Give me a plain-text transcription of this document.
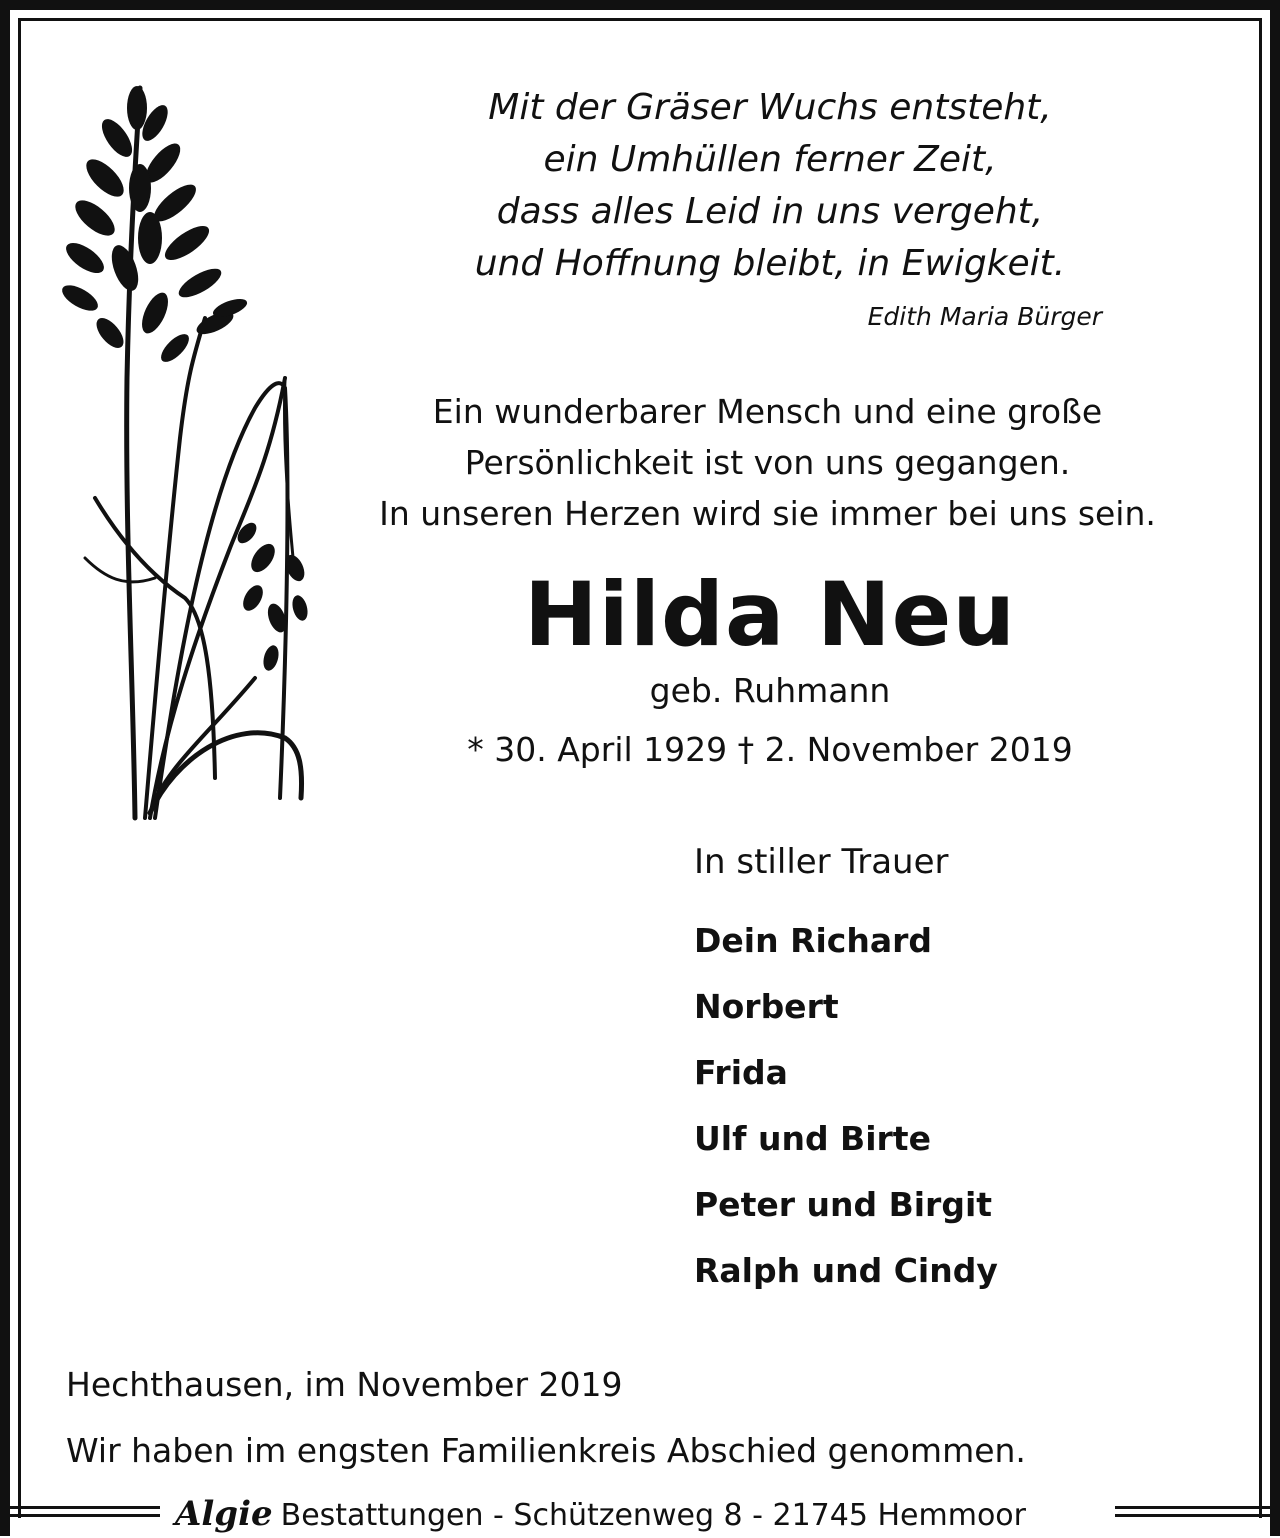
Mit der Gräser Wuchs entsteht,
ein Umhüllen ferner Zeit,
dass alles Leid in uns vergeht,
und Hoffnung bleibt, in Ewigkeit.
Edith Maria Bürger
Ein wunderbarer Mensch und eine große
Persönlichkeit ist von uns gegangen.
In unseren Herzen wird sie immer bei uns sein.
Hilda Neu
geb. Ruhmann
* 30. April 1929 † 2. November 2019
In stiller Trauer
Dein Richard
Norbert
Frida
Ulf und Birte
Peter und Birgit
Ralph und Cindy
Hechthausen, im November 2019
Wir haben im engsten Familienkreis Abschied genommen.
Algie Bestattungen - Schützenweg 8 - 21745 Hemmoor
